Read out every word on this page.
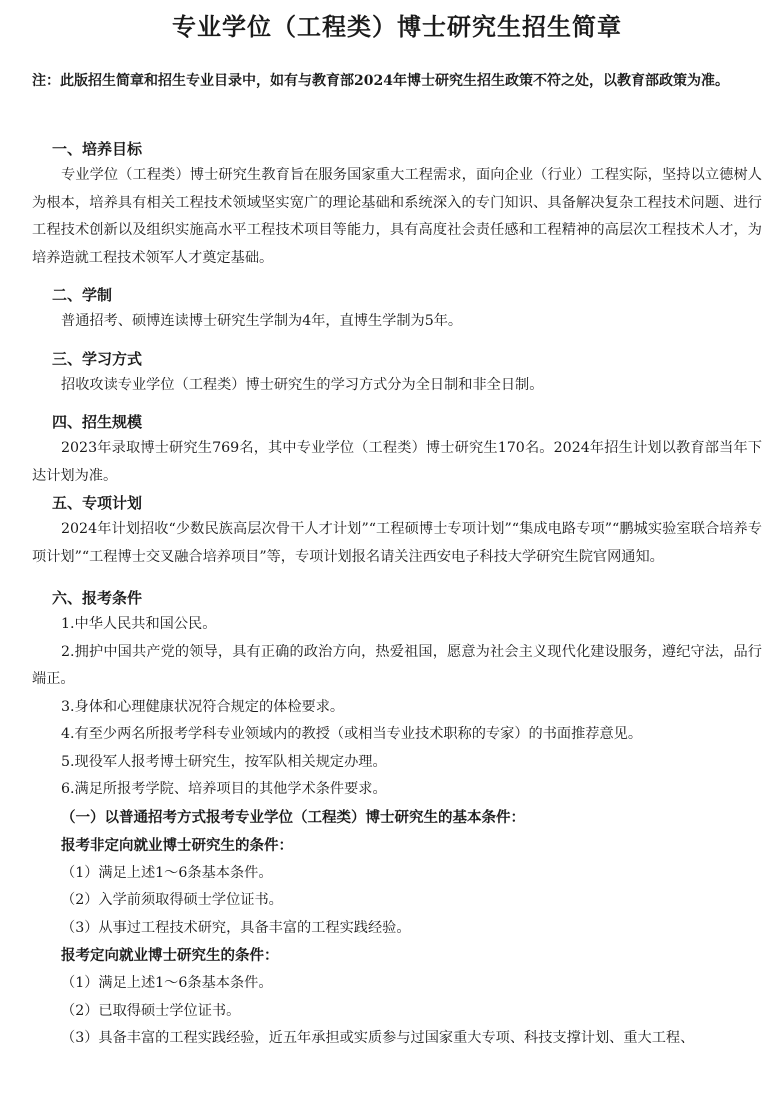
专业学位（工程类）博士研究生招生简章
注：此版招生简章和招生专业目录中，如有与教育部2024年博士研究生招生政策不符之处，以教育部政策为准。
一、培养目标

专业学位（工程类）博士研究生教育旨在服务国家重大工程需求，面向企业（行业）工程实际，坚持以立德树人为根本，培养具有相关工程技术领域坚实宽广的理论基础和系统深入的专门知识、具备解决复杂工程技术问题、进行工程技术创新以及组织实施高水平工程技术项目等能力，具有高度社会责任感和工程精神的高层次工程技术人才，为培养造就工程技术领军人才奠定基础。

二、学制

普通招考、硕博连读博士研究生学制为4年，直博生学制为5年。

三、学习方式

招收攻读专业学位（工程类）博士研究生的学习方式分为全日制和非全日制。

四、招生规模

2023年录取博士研究生769名，其中专业学位（工程类）博士研究生170名。2024年招生计划以教育部当年下达计划为准。

五、专项计划

2024年计划招收“少数民族高层次骨干人才计划”“工程硕博士专项计划”“集成电路专项”“鹏城实验室联合培养专项计划”“工程博士交叉融合培养项目”等，专项计划报名请关注西安电子科技大学研究生院官网通知。

六、报考条件

1.中华人民共和国公民。

2.拥护中国共产党的领导，具有正确的政治方向，热爱祖国，愿意为社会主义现代化建设服务，遵纪守法，品行端正。

3.身体和心理健康状况符合规定的体检要求。

4.有至少两名所报考学科专业领域内的教授（或相当专业技术职称的专家）的书面推荐意见。

5.现役军人报考博士研究生，按军队相关规定办理。

6.满足所报考学院、培养项目的其他学术条件要求。

（一）以普通招考方式报考专业学位（工程类）博士研究生的基本条件：
报考非定向就业博士研究生的条件：

（1）满足上述1～6条基本条件。

（2）入学前须取得硕士学位证书。

（3）从事过工程技术研究，具备丰富的工程实践经验。

报考定向就业博士研究生的条件：

（1）满足上述1～6条基本条件。

（2）已取得硕士学位证书。

（3）具备丰富的工程实践经验，近五年承担或实质参与过国家重大专项、科技支撑计划、重大工程、
